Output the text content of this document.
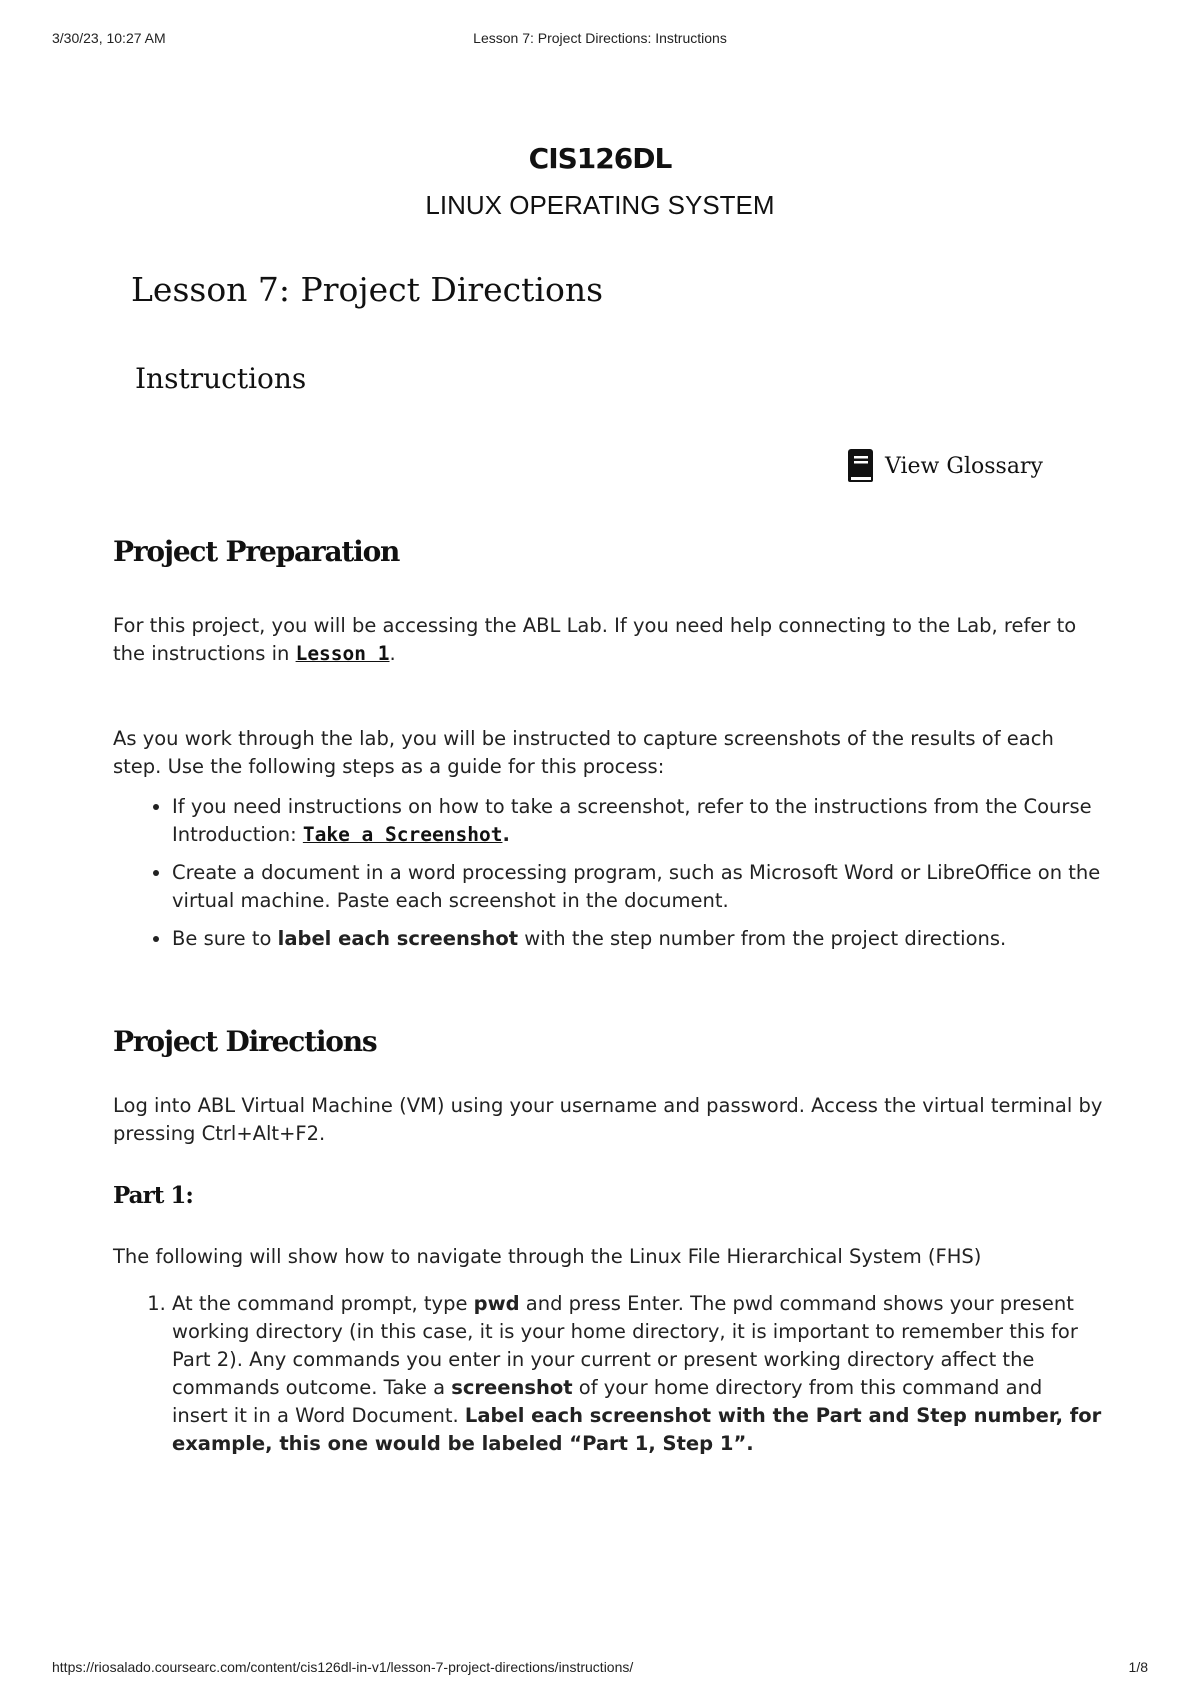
3/30/23, 10:27 AM	Lesson 7: Project Directions: Instructions
CIS126DL
LINUX OPERATING SYSTEM
Lesson 7: Project Directions
Instructions
View Glossary
Project Preparation

For this project, you will be accessing the ABL Lab. If you need help connecting to the Lab, refer to the instructions in Lesson 1.

As you work through the lab, you will be instructed to capture screenshots of the results of each step. Use the following steps as a guide for this process:

• If you need instructions on how to take a screenshot, refer to the instructions from the Course Introduction: Take a Screenshot.
• Create a document in a word processing program, such as Microsoft Word or LibreOffice on the virtual machine. Paste each screenshot in the document.
• Be sure to label each screenshot with the step number from the project directions.
Project Directions

Log into ABL Virtual Machine (VM) using your username and password. Access the virtual terminal by pressing Ctrl+Alt+F2.

Part 1:

The following will show how to navigate through the Linux File Hierarchical System (FHS)

1. At the command prompt, type pwd and press Enter. The pwd command shows your present working directory (in this case, it is your home directory, it is important to remember this for Part 2). Any commands you enter in your current or present working directory affect the commands outcome. Take a screenshot of your home directory from this command and insert it in a Word Document. Label each screenshot with the Part and Step number, for example, this one would be labeled “Part 1, Step 1”.
https://riosalado.coursearc.com/content/cis126dl-in-v1/lesson-7-project-directions/instructions/	1/8
